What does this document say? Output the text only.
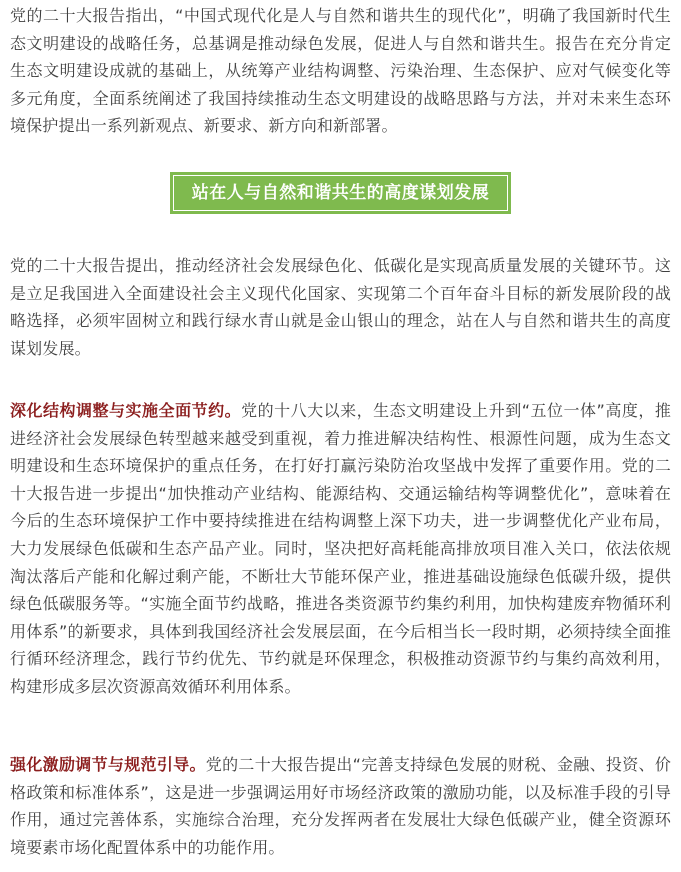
党的二十大报告指出，“中国式现代化是人与自然和谐共生的现代化”，明确了我国新时代生态文明建设的战略任务，总基调是推动绿色发展，促进人与自然和谐共生。报告在充分肯定生态文明建设成就的基础上，从统筹产业结构调整、污染治理、生态保护、应对气候变化等多元角度，全面系统阐述了我国持续推动生态文明建设的战略思路与方法，并对未来生态环境保护提出一系列新观点、新要求、新方向和新部署。

站在人与自然和谐共生的高度谋划发展

党的二十大报告提出，推动经济社会发展绿色化、低碳化是实现高质量发展的关键环节。这是立足我国进入全面建设社会主义现代化国家、实现第二个百年奋斗目标的新发展阶段的战略选择，必须牢固树立和践行绿水青山就是金山银山的理念，站在人与自然和谐共生的高度谋划发展。

深化结构调整与实施全面节约。党的十八大以来，生态文明建设上升到“五位一体”高度，推进经济社会发展绿色转型越来越受到重视，着力推进解决结构性、根源性问题，成为生态文明建设和生态环境保护的重点任务，在打好打赢污染防治攻坚战中发挥了重要作用。党的二十大报告进一步提出“加快推动产业结构、能源结构、交通运输结构等调整优化”，意味着在今后的生态环境保护工作中要持续推进在结构调整上深下功夫，进一步调整优化产业布局，大力发展绿色低碳和生态产品产业。同时，坚决把好高耗能高排放项目准入关口，依法依规淘汰落后产能和化解过剩产能，不断壮大节能环保产业，推进基础设施绿色低碳升级，提供绿色低碳服务等。“实施全面节约战略，推进各类资源节约集约利用，加快构建废弃物循环利用体系”的新要求，具体到我国经济社会发展层面，在今后相当长一段时期，必须持续全面推行循环经济理念，践行节约优先、节约就是环保理念，积极推动资源节约与集约高效利用，构建形成多层次资源高效循环利用体系。

强化激励调节与规范引导。党的二十大报告提出“完善支持绿色发展的财税、金融、投资、价格政策和标准体系”，这是进一步强调运用好市场经济政策的激励功能，以及标准手段的引导作用，通过完善体系，实施综合治理，充分发挥两者在发展壮大绿色低碳产业，健全资源环境要素市场化配置体系中的功能作用。
